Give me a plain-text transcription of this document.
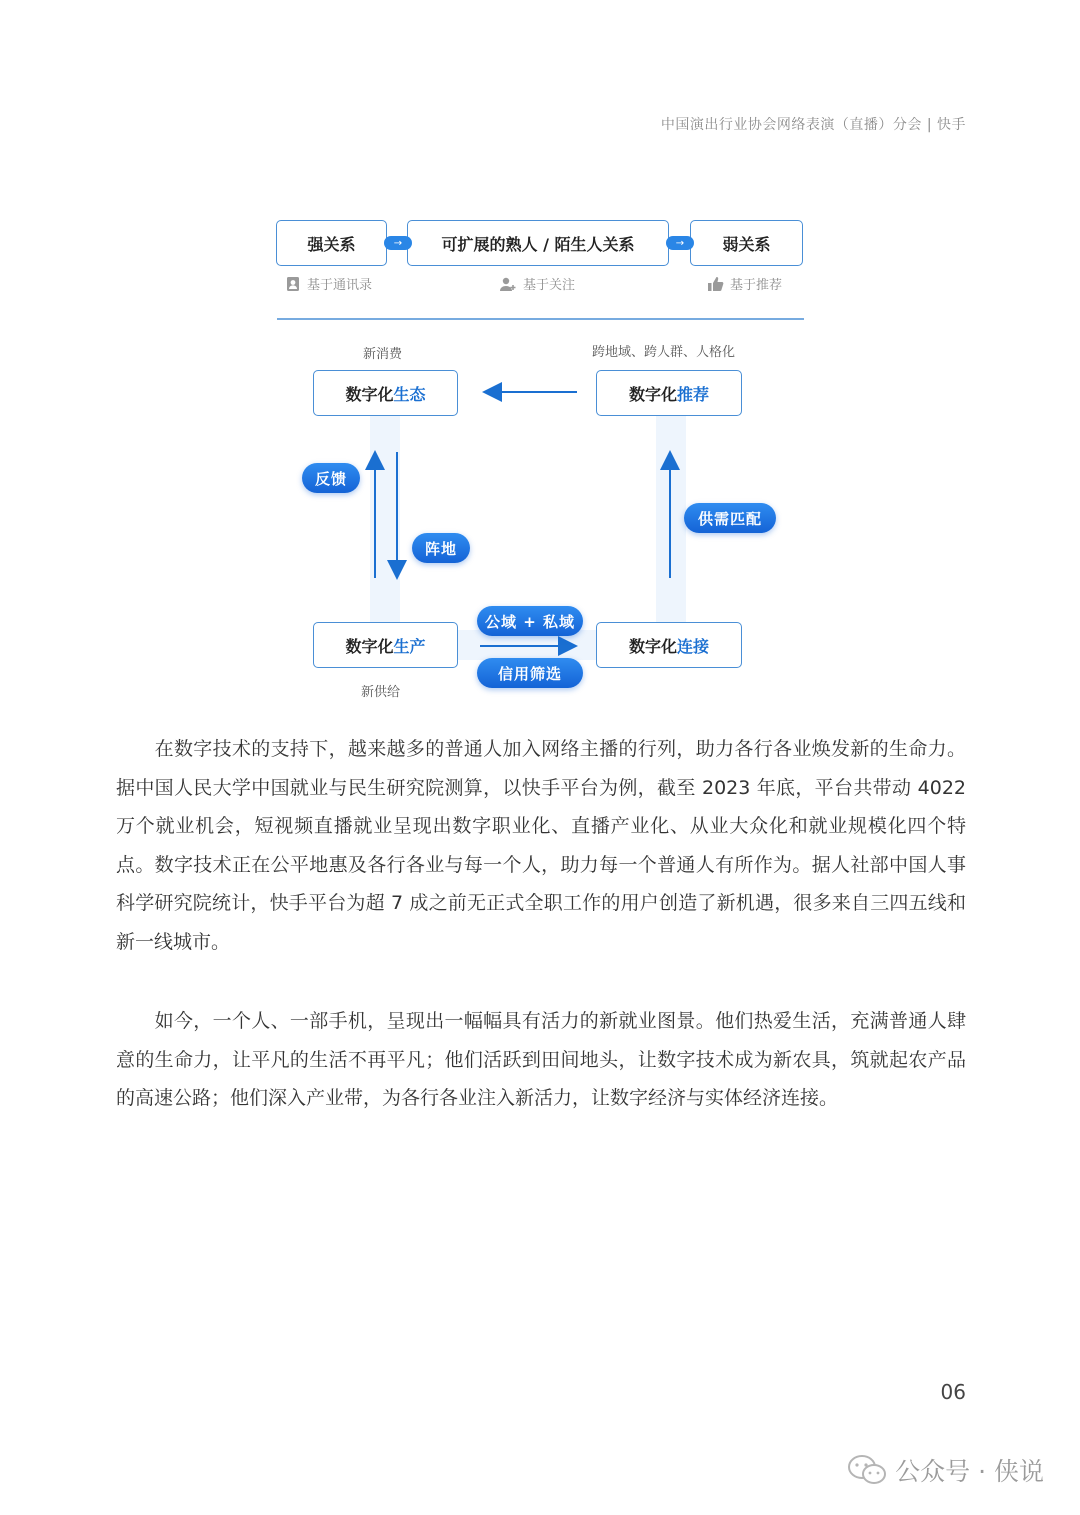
中国演出行业协会网络表演（直播）分会 | 快手
强关系	可扩展的熟人 / 陌生人关系	弱关系
→	→
基于通讯录	基于关注	基于推荐
新消费	跨地域、跨人群、人格化
新供给
数字化 生态	数字化 推荐
数字化 生产	数字化 连接
反馈
阵地
供需匹配
公域 + 私域
信用筛选

　　在数字技术的支持下，越来越多的普通人加入网络主播的行列，助力各行各业焕发新的生命力。据中国人民大学中国就业与民生研究院测算，以快手平台为例，截至 2023 年底，平台共带动 4022 万个就业机会，短视频直播就业呈现出数字职业化、直播产业化、从业大众化和就业规模化四个特点。数字技术正在公平地惠及各行各业与每一个人，助力每一个普通人有所作为。据人社部中国人事科学研究院统计，快手平台为超 7 成之前无正式全职工作的用户创造了新机遇，很多来自三四五线和新一线城市。

　　如今，一个人、一部手机，呈现出一幅幅具有活力的新就业图景。他们热爱生活，充满普通人肆意的生命力，让平凡的生活不再平凡；他们活跃到田间地头，让数字技术成为新农具，筑就起农产品的高速公路；他们深入产业带，为各行各业注入新活力，让数字经济与实体经济连接。

06
公众号 · 侠说
